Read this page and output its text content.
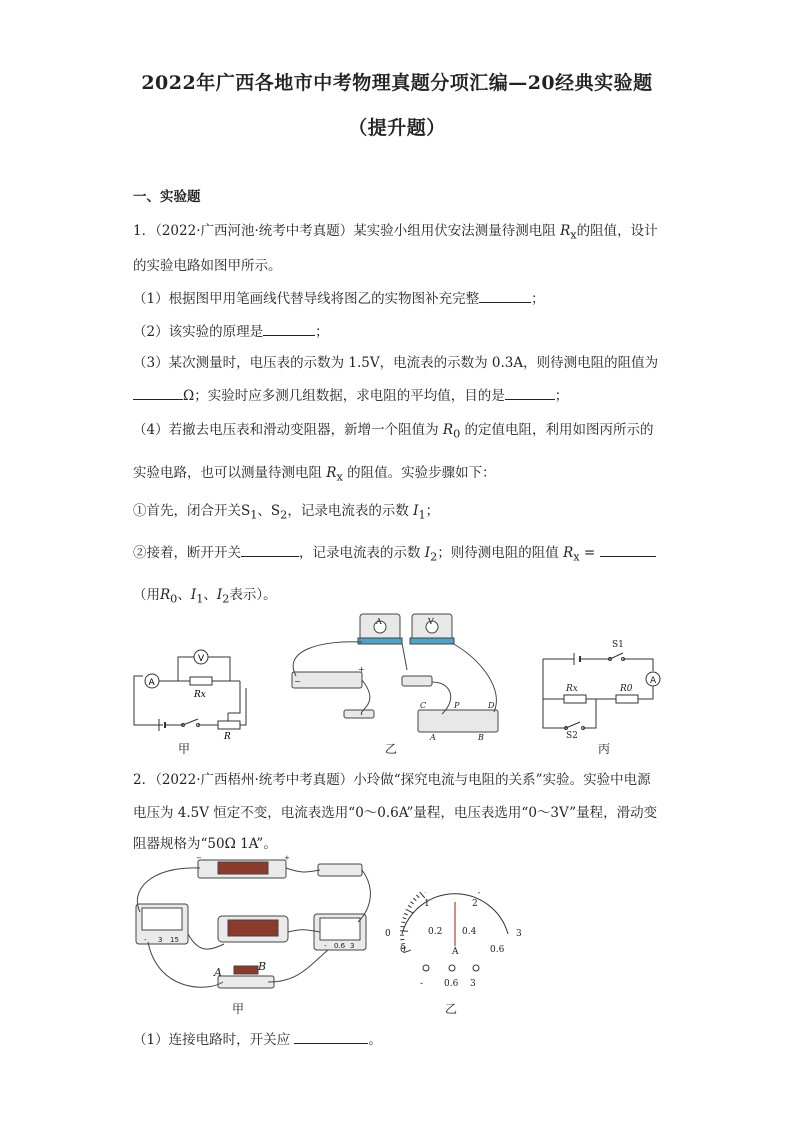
2022年广西各地市中考物理真题分项汇编—20经典实验题
（提升题）
一、实验题
1．（2022·广西河池·统考中考真题）某实验小组用伏安法测量待测电阻 $R_x$的阻值，设计
的实验电路如图甲所示。
（1）根据图甲用笔画线代替导线将图乙的实物图补充完整	；
（2）该实验的原理是	；
（3）某次测量时，电压表的示数为 1.5V，电流表的示数为 0.3A，则待测电阻的阻值为
Ω；实验时应多测几组数据，求电阻的平均值，目的是	；
（4）若撤去电压表和滑动变阻器，新增一个阻值为 $R_0$ 的定值电阻，利用如图丙所示的
实验电路，也可以测量待测电阻 $R_x$ 的阻值。实验步骤如下：
①首先，闭合开关$S_1$、$S_2$，记录电流表的示数 $I_1$；
②接着，断开开关	，记录电流表的示数 $I_2$；则待测电阻的阻值 $R_x$ =
（用$R_0$、$I_1$、$I_2$表示）。
A
V
Rx
R
甲
A	V
−
+
C	P	D
A	B
乙
A
S1
Rx	R0
S2
丙
2．（2022·广西梧州·统考中考真题）小玲做“探究电流与电阻的关系”实验。实验中电源
电压为 4.5V 恒定不变，电流表选用“0～0.6A”量程，电压表选用“0～3V”量程，滑动变
阻器规格为“50Ω 1A”。
−	+
- 3 15
- 0.6 3
A	B
甲
0
1	2
3
0
0.2 0.4
0.6
A
- 0.6 3
乙
（1）连接电路时，开关应	。
